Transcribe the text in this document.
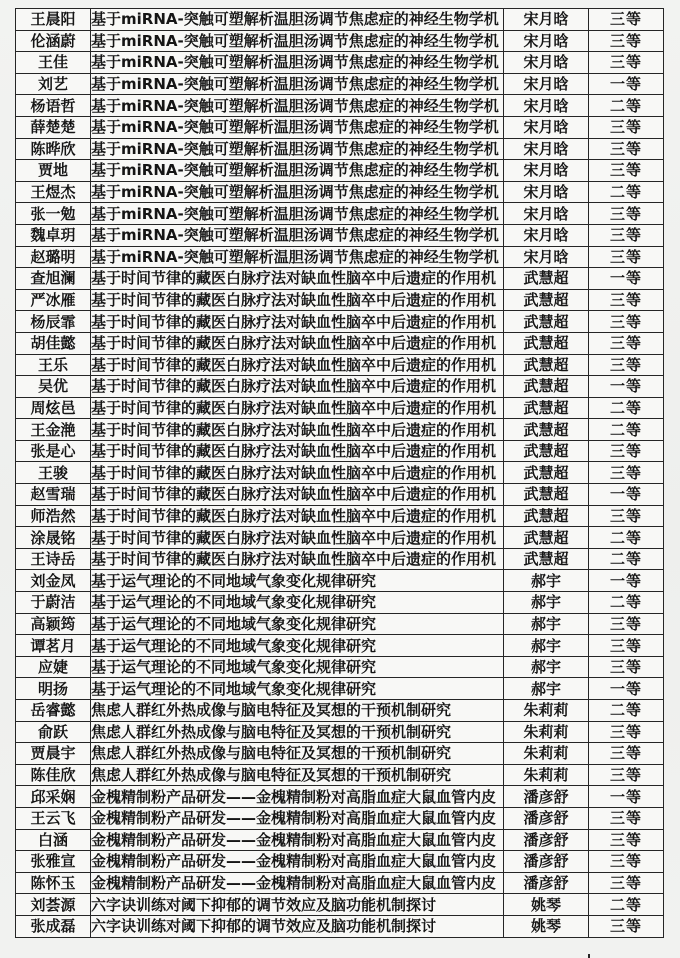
王晨阳	基于miRNA-突触可塑解析温胆汤调节焦虑症的神经生物学机	宋月晗	三等
伦涵蔚	基于miRNA-突触可塑解析温胆汤调节焦虑症的神经生物学机	宋月晗	三等
王佳	基于miRNA-突触可塑解析温胆汤调节焦虑症的神经生物学机	宋月晗	三等
刘艺	基于miRNA-突触可塑解析温胆汤调节焦虑症的神经生物学机	宋月晗	一等
杨语哲	基于miRNA-突触可塑解析温胆汤调节焦虑症的神经生物学机	宋月晗	二等
薛楚楚	基于miRNA-突触可塑解析温胆汤调节焦虑症的神经生物学机	宋月晗	三等
陈晔欣	基于miRNA-突触可塑解析温胆汤调节焦虑症的神经生物学机	宋月晗	三等
贾地	基于miRNA-突触可塑解析温胆汤调节焦虑症的神经生物学机	宋月晗	三等
王煜杰	基于miRNA-突触可塑解析温胆汤调节焦虑症的神经生物学机	宋月晗	二等
张一勉	基于miRNA-突触可塑解析温胆汤调节焦虑症的神经生物学机	宋月晗	三等
魏卓玥	基于miRNA-突触可塑解析温胆汤调节焦虑症的神经生物学机	宋月晗	三等
赵璐明	基于miRNA-突触可塑解析温胆汤调节焦虑症的神经生物学机	宋月晗	三等
查旭澜	基于时间节律的藏医白脉疗法对缺血性脑卒中后遗症的作用机	武慧超	一等
严冰雁	基于时间节律的藏医白脉疗法对缺血性脑卒中后遗症的作用机	武慧超	三等
杨辰霏	基于时间节律的藏医白脉疗法对缺血性脑卒中后遗症的作用机	武慧超	三等
胡佳懿	基于时间节律的藏医白脉疗法对缺血性脑卒中后遗症的作用机	武慧超	三等
王乐	基于时间节律的藏医白脉疗法对缺血性脑卒中后遗症的作用机	武慧超	三等
吴优	基于时间节律的藏医白脉疗法对缺血性脑卒中后遗症的作用机	武慧超	一等
周炫邑	基于时间节律的藏医白脉疗法对缺血性脑卒中后遗症的作用机	武慧超	二等
王金滟	基于时间节律的藏医白脉疗法对缺血性脑卒中后遗症的作用机	武慧超	二等
张是心	基于时间节律的藏医白脉疗法对缺血性脑卒中后遗症的作用机	武慧超	三等
王骏	基于时间节律的藏医白脉疗法对缺血性脑卒中后遗症的作用机	武慧超	三等
赵雪瑞	基于时间节律的藏医白脉疗法对缺血性脑卒中后遗症的作用机	武慧超	一等
师浩然	基于时间节律的藏医白脉疗法对缺血性脑卒中后遗症的作用机	武慧超	三等
涂晟铭	基于时间节律的藏医白脉疗法对缺血性脑卒中后遗症的作用机	武慧超	二等
王诗岳	基于时间节律的藏医白脉疗法对缺血性脑卒中后遗症的作用机	武慧超	二等
刘金凤	基于运气理论的不同地域气象变化规律研究	郝宇	一等
于蔚洁	基于运气理论的不同地域气象变化规律研究	郝宇	二等
高颖筠	基于运气理论的不同地域气象变化规律研究	郝宇	三等
谭茗月	基于运气理论的不同地域气象变化规律研究	郝宇	三等
应婕	基于运气理论的不同地域气象变化规律研究	郝宇	三等
明扬	基于运气理论的不同地域气象变化规律研究	郝宇	一等
岳睿懿	焦虑人群红外热成像与脑电特征及冥想的干预机制研究	朱莉莉	二等
俞跃	焦虑人群红外热成像与脑电特征及冥想的干预机制研究	朱莉莉	三等
贾晨宇	焦虑人群红外热成像与脑电特征及冥想的干预机制研究	朱莉莉	三等
陈佳欣	焦虑人群红外热成像与脑电特征及冥想的干预机制研究	朱莉莉	三等
邱采娴	金槐精制粉产品研发——金槐精制粉对高脂血症大鼠血管内皮	潘彦舒	一等
王云飞	金槐精制粉产品研发——金槐精制粉对高脂血症大鼠血管内皮	潘彦舒	三等
白涵	金槐精制粉产品研发——金槐精制粉对高脂血症大鼠血管内皮	潘彦舒	三等
张雅宣	金槐精制粉产品研发——金槐精制粉对高脂血症大鼠血管内皮	潘彦舒	三等
陈怀玉	金槐精制粉产品研发——金槐精制粉对高脂血症大鼠血管内皮	潘彦舒	三等
刘荟源	六字诀训练对阈下抑郁的调节效应及脑功能机制探讨	姚琴	二等
张成磊	六字诀训练对阈下抑郁的调节效应及脑功能机制探讨	姚琴	三等
